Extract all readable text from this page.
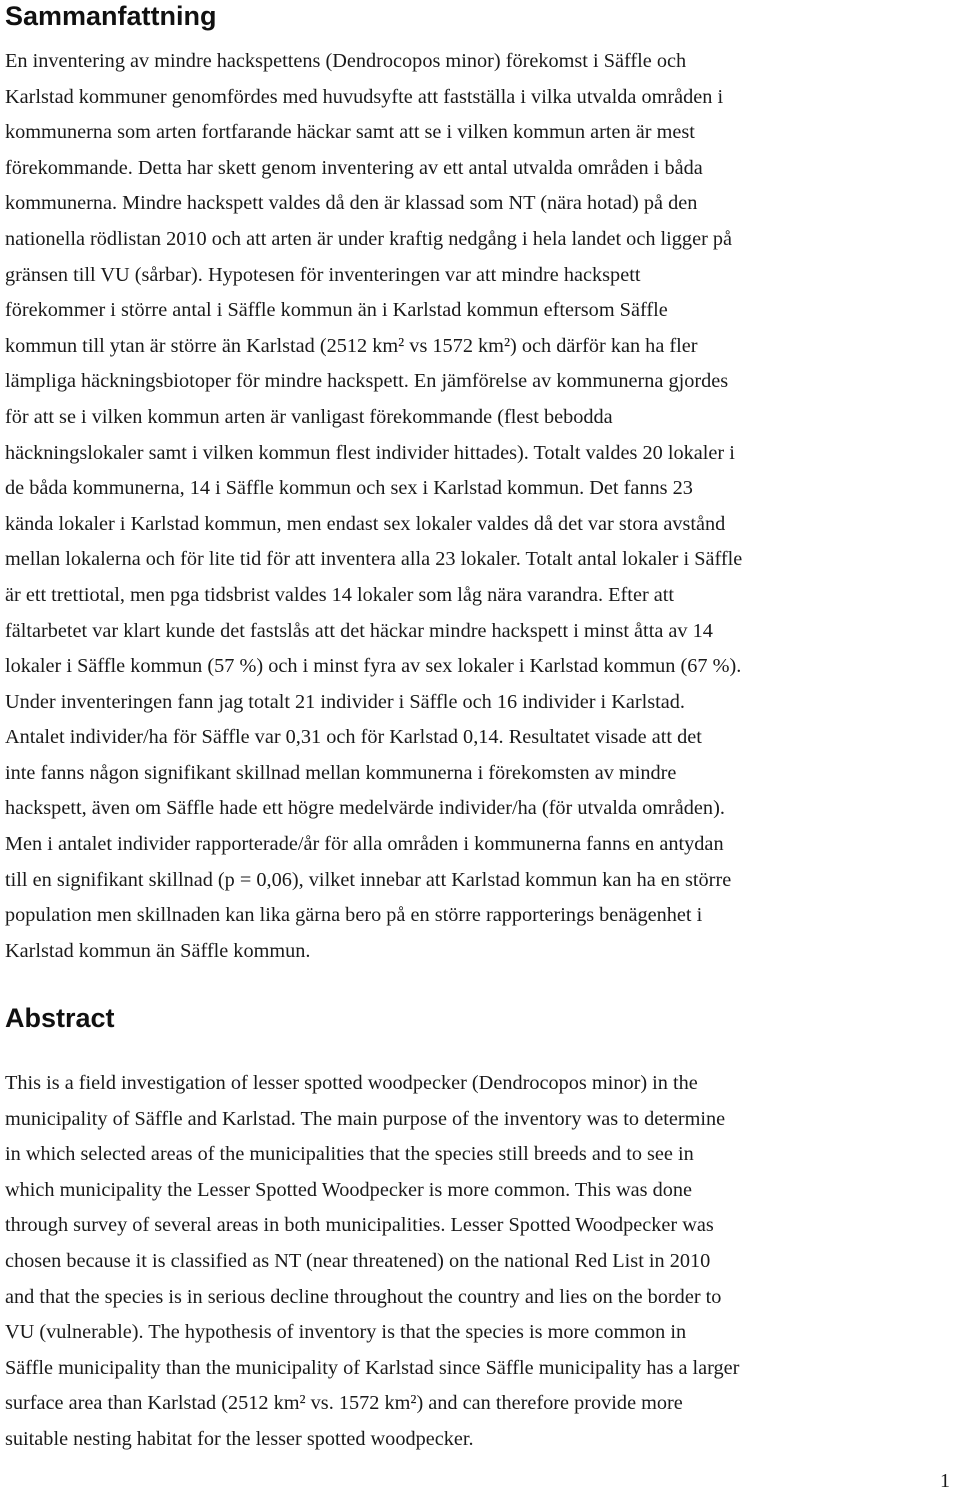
Sammanfattning

En inventering av mindre hackspettens (Dendrocopos minor) förekomst i Säffle och
Karlstad kommuner genomfördes med huvudsyfte att fastställa i vilka utvalda områden i
kommunerna som arten fortfarande häckar samt att se i vilken kommun arten är mest
förekommande. Detta har skett genom inventering av ett antal utvalda områden i båda
kommunerna. Mindre hackspett valdes då den är klassad som NT (nära hotad) på den
nationella rödlistan 2010 och att arten är under kraftig nedgång i hela landet och ligger på
gränsen till VU (sårbar). Hypotesen för inventeringen var att mindre hackspett
förekommer i större antal i Säffle kommun än i Karlstad kommun eftersom Säffle
kommun till ytan är större än Karlstad (2512 km² vs 1572 km²) och därför kan ha fler
lämpliga häckningsbiotoper för mindre hackspett. En jämförelse av kommunerna gjordes
för att se i vilken kommun arten är vanligast förekommande (flest bebodda
häckningslokaler samt i vilken kommun flest individer hittades). Totalt valdes 20 lokaler i
de båda kommunerna, 14 i Säffle kommun och sex i Karlstad kommun. Det fanns 23
kända lokaler i Karlstad kommun, men endast sex lokaler valdes då det var stora avstånd
mellan lokalerna och för lite tid för att inventera alla 23 lokaler. Totalt antal lokaler i Säffle
är ett trettiotal, men pga tidsbrist valdes 14 lokaler som låg nära varandra. Efter att
fältarbetet var klart kunde det fastslås att det häckar mindre hackspett i minst åtta av 14
lokaler i Säffle kommun (57 %) och i minst fyra av sex lokaler i Karlstad kommun (67 %).
Under inventeringen fann jag totalt 21 individer i Säffle och 16 individer i Karlstad.
Antalet individer/ha för Säffle var 0,31 och för Karlstad 0,14. Resultatet visade att det
inte fanns någon signifikant skillnad mellan kommunerna i förekomsten av mindre
hackspett, även om Säffle hade ett högre medelvärde individer/ha (för utvalda områden).
Men i antalet individer rapporterade/år för alla områden i kommunerna fanns en antydan
till en signifikant skillnad (p = 0,06), vilket innebar att Karlstad kommun kan ha en större
population men skillnaden kan lika gärna bero på en större rapporterings benägenhet i
Karlstad kommun än Säffle kommun.

Abstract

This is a field investigation of lesser spotted woodpecker (Dendrocopos minor) in the
municipality of Säffle and Karlstad. The main purpose of the inventory was to determine
in which selected areas of the municipalities that the species still breeds and to see in
which municipality the Lesser Spotted Woodpecker is more common. This was done
through survey of several areas in both municipalities. Lesser Spotted Woodpecker was
chosen because it is classified as NT (near threatened) on the national Red List in 2010
and that the species is in serious decline throughout the country and lies on the border to
VU (vulnerable). The hypothesis of inventory is that the species is more common in
Säffle municipality than the municipality of Karlstad since Säffle municipality has a larger
surface area than Karlstad (2512 km² vs. 1572 km²) and can therefore provide more
suitable nesting habitat for the lesser spotted woodpecker.

1
